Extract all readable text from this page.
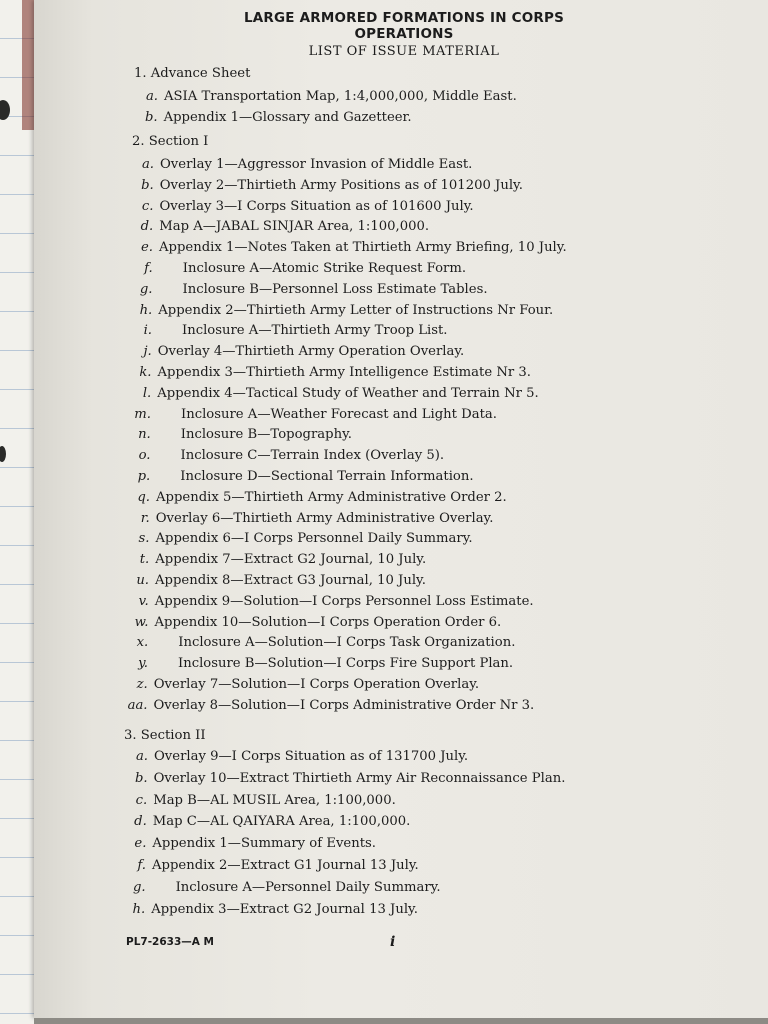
LARGE ARMORED FORMATIONS IN CORPS OPERATIONS
LIST OF ISSUE MATERIAL
1. Advance Sheet
a. ASIA Transportation Map, 1:4,000,000, Middle East.
b. Appendix 1—Glossary and Gazetteer.
2. Section I
a. Overlay 1—Aggressor Invasion of Middle East.
b. Overlay 2—Thirtieth Army Positions as of 101200 July.
c. Overlay 3—I Corps Situation as of 101600 July.
d. Map A—JABAL SINJAR Area, 1:100,000.
e. Appendix 1—Notes Taken at Thirtieth Army Briefing, 10 July.
f. Inclosure A—Atomic Strike Request Form.
g. Inclosure B—Personnel Loss Estimate Tables.
h. Appendix 2—Thirtieth Army Letter of Instructions Nr Four.
i. Inclosure A—Thirtieth Army Troop List.
j. Overlay 4—Thirtieth Army Operation Overlay.
k. Appendix 3—Thirtieth Army Intelligence Estimate Nr 3.
l. Appendix 4—Tactical Study of Weather and Terrain Nr 5.
m. Inclosure A—Weather Forecast and Light Data.
n. Inclosure B—Topography.
o. Inclosure C—Terrain Index (Overlay 5).
p. Inclosure D—Sectional Terrain Information.
q. Appendix 5—Thirtieth Army Administrative Order 2.
r. Overlay 6—Thirtieth Army Administrative Overlay.
s. Appendix 6—I Corps Personnel Daily Summary.
t. Appendix 7—Extract G2 Journal, 10 July.
u. Appendix 8—Extract G3 Journal, 10 July.
v. Appendix 9—Solution—I Corps Personnel Loss Estimate.
w. Appendix 10—Solution—I Corps Operation Order 6.
x. Inclosure A—Solution—I Corps Task Organization.
y. Inclosure B—Solution—I Corps Fire Support Plan.
z. Overlay 7—Solution—I Corps Operation Overlay.
aa. Overlay 8—Solution—I Corps Administrative Order Nr 3.
3. Section II
a. Overlay 9—I Corps Situation as of 131700 July.
b. Overlay 10—Extract Thirtieth Army Air Reconnaissance Plan.
c. Map B—AL MUSIL Area, 1:100,000.
d. Map C—AL QAIYARA Area, 1:100,000.
e. Appendix 1—Summary of Events.
f. Appendix 2—Extract G1 Journal 13 July.
g. Inclosure A—Personnel Daily Summary.
h. Appendix 3—Extract G2 Journal 13 July.
PL7-2633—A M	i
